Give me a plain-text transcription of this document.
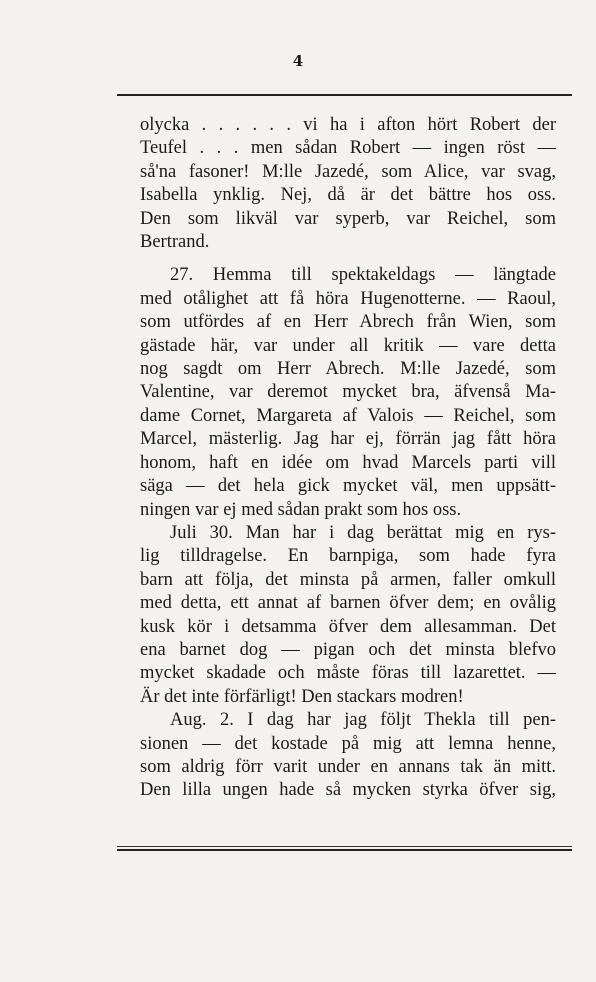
4
olycka . . . . . . vi ha i afton hört Robert der
Teufel . . . men sådan Robert — ingen röst —
så'na fasoner! M:lle Jazedé, som Alice, var svag,
Isabella ynklig. Nej, då är det bättre hos oss.
Den som likväl var syperb, var Reichel, som
Bertrand.
27. Hemma till spektakeldags — längtade
med otålighet att få höra Hugenotterne. — Raoul,
som utfördes af en Herr Abrech från Wien, som
gästade här, var under all kritik — vare detta
nog sagdt om Herr Abrech. M:lle Jazedé, som
Valentine, var deremot mycket bra, äfvenså Ma-
dame Cornet, Margareta af Valois — Reichel, som
Marcel, mästerlig. Jag har ej, förrän jag fått höra
honom, haft en idée om hvad Marcels parti vill
säga — det hela gick mycket väl, men uppsätt-
ningen var ej med sådan prakt som hos oss.
Juli 30. Man har i dag berättat mig en rys-
lig tilldragelse. En barnpiga, som hade fyra
barn att följa, det minsta på armen, faller omkull
med detta, ett annat af barnen öfver dem; en ovålig
kusk kör i detsamma öfver dem allesamman. Det
ena barnet dog — pigan och det minsta blefvo
mycket skadade och måste föras till lazarettet. —
Är det inte förfärligt! Den stackars modren!
Aug. 2. I dag har jag följt Thekla till pen-
sionen — det kostade på mig att lemna henne,
som aldrig förr varit under en annans tak än mitt.
Den lilla ungen hade så mycken styrka öfver sig,
